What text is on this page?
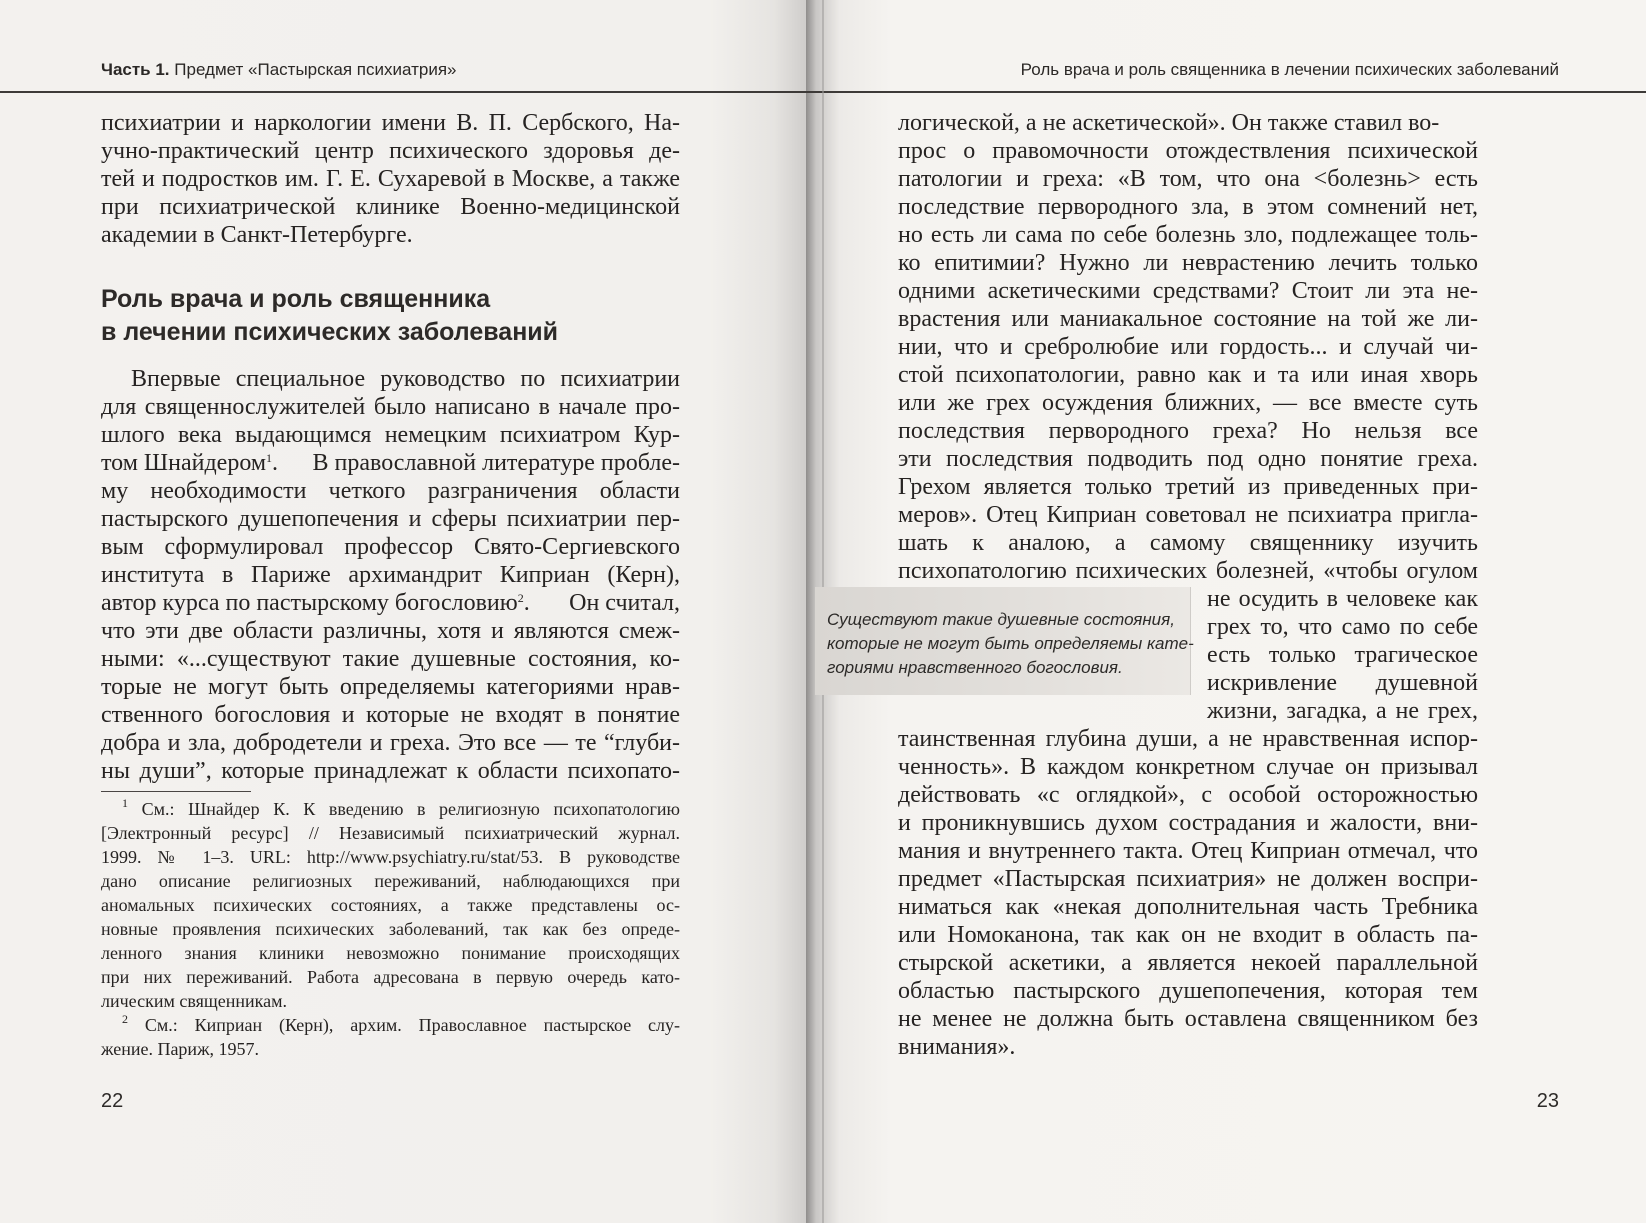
Часть 1. Предмет «Пастырская психиатрия»
психиатрии и наркологии имени В. П. Сербского, На-
учно-практический центр психического здоровья де-
тей и подростков им. Г. Е. Сухаревой в Москве, а также
при психиатрической клинике Военно-медицинской
академии в Санкт-Петербурге.
Роль врача и роль священника
в лечении психических заболеваний
Впервые специальное руководство по психиатрии
для священнослужителей было написано в начале про-
шлого века выдающимся немецким психиатром Кур-
том Шнайдером$^1$. В православной литературе пробле-
му необходимости четкого разграничения области
пастырского душепопечения и сферы психиатрии пер-
вым сформулировал профессор Свято-Сергиевского
института в Париже архимандрит Киприан (Керн),
автор курса по пастырскому богословию$^2$. Он считал,
что эти две области различны, хотя и являются смеж-
ными: «...существуют такие душевные состояния, ко-
торые не могут быть определяемы категориями нрав-
ственного богословия и которые не входят в понятие
добра и зла, добродетели и греха. Это все — те “глуби-
ны души”, которые принадлежат к области психопато-
$^1$ См.: Шнайдер К. К введению в религиозную психопатологию
[Электронный ресурс] // Независимый психиатрический журнал.
1999. № 1–3. URL: http://www.psychiatry.ru/stat/53. В руководстве
дано описание религиозных переживаний, наблюдающихся при
аномальных психических состояниях, а также представлены ос-
новные проявления психических заболеваний, так как без опреде-
ленного знания клиники невозможно понимание происходящих
при них переживаний. Работа адресована в первую очередь като-
лическим священникам.
$^2$ См.: Киприан (Керн), архим. Православное пастырское слу-
жение. Париж, 1957.
22
Роль врача и роль священника в лечении психических заболеваний
логической, а не аскетической». Он также ставил во-
прос о правомочности отождествления психической
патологии и греха: «В том, что она <болезнь> есть
последствие первородного зла, в этом сомнений нет,
но есть ли сама по себе болезнь зло, подлежащее толь-
ко епитимии? Нужно ли неврастению лечить только
одними аскетическими средствами? Стоит ли эта не-
врастения или маниакальное состояние на той же ли-
нии, что и сребролюбие или гордость... и случай чи-
стой психопатологии, равно как и та или иная хворь
или же грех осуждения ближних, — все вместе суть
последствия первородного греха? Но нельзя все
эти последствия подводить под одно понятие греха.
Грехом является только третий из приведенных при-
меров». Отец Киприан советовал не психиатра пригла-
шать к аналою, а самому священнику изучить
психопатологию психических болезней, «чтобы огулом
не осудить в человеке как
грех то, что само по себе
есть только трагическое
искривление душевной
жизни, загадка, а не грех,
таинственная глубина души, а не нравственная испор-
ченность». В каждом конкретном случае он призывал
действовать «с оглядкой», с особой осторожностью
и проникнувшись духом сострадания и жалости, вни-
мания и внутреннего такта. Отец Киприан отмечал, что
предмет «Пастырская психиатрия» не должен воспри-
ниматься как «некая дополнительная часть Требника
или Номоканона, так как он не входит в область па-
стырской аскетики, а является некоей параллельной
областью пастырского душепопечения, которая тем
не менее не должна быть оставлена священником без
внимания».
23
Существуют такие душевные состояния,
которые не могут быть определяемы кате-
гориями нравственного богословия.
